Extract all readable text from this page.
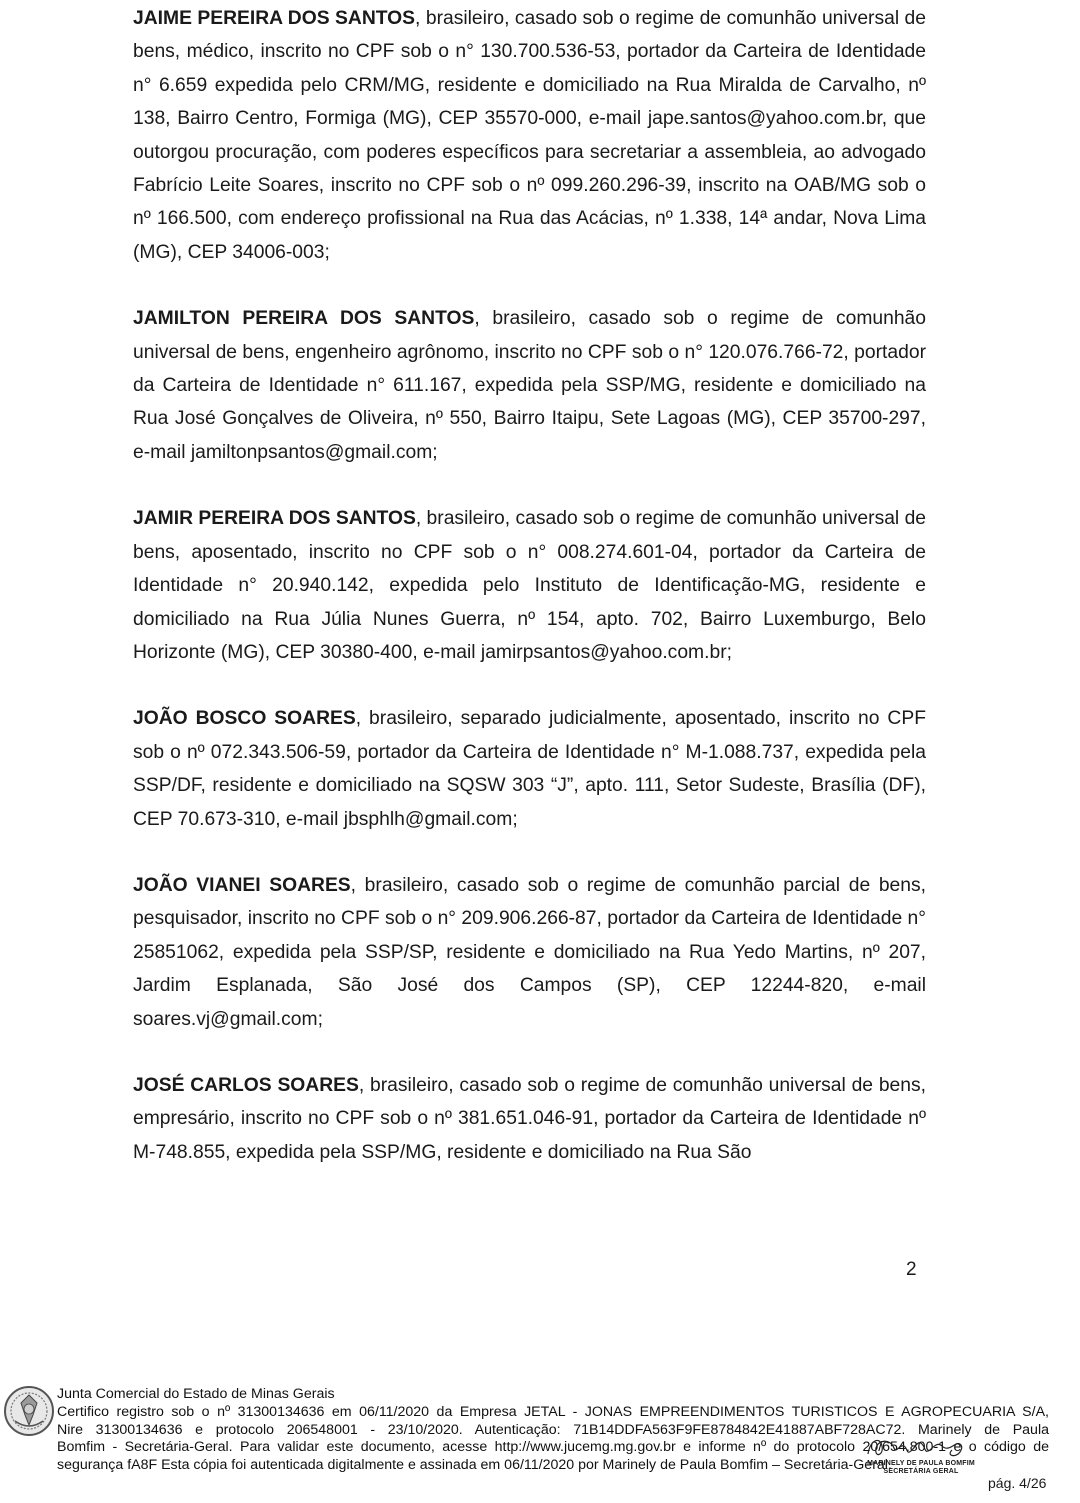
JAIME PEREIRA DOS SANTOS, brasileiro, casado sob o regime de comunhão universal de bens, médico, inscrito no CPF sob o n° 130.700.536-53, portador da Carteira de Identidade n° 6.659 expedida pelo CRM/MG, residente e domiciliado na Rua Miralda de Carvalho, nº 138, Bairro Centro, Formiga (MG), CEP 35570-000, e-mail jape.santos@yahoo.com.br, que outorgou procuração, com poderes específicos para secretariar a assembleia, ao advogado Fabrício Leite Soares, inscrito no CPF sob o nº 099.260.296-39, inscrito na OAB/MG sob o nº 166.500, com endereço profissional na Rua das Acácias, nº 1.338, 14ª andar, Nova Lima (MG), CEP 34006-003;

JAMILTON PEREIRA DOS SANTOS, brasileiro, casado sob o regime de comunhão universal de bens, engenheiro agrônomo, inscrito no CPF sob o n° 120.076.766-72, portador da Carteira de Identidade n° 611.167, expedida pela SSP/MG, residente e domiciliado na Rua José Gonçalves de Oliveira, nº 550, Bairro Itaipu, Sete Lagoas (MG), CEP 35700-297, e-mail jamiltonpsantos@gmail.com;

JAMIR PEREIRA DOS SANTOS, brasileiro, casado sob o regime de comunhão universal de bens, aposentado, inscrito no CPF sob o n° 008.274.601-04, portador da Carteira de Identidade n° 20.940.142, expedida pelo Instituto de Identificação-MG, residente e domiciliado na Rua Júlia Nunes Guerra, nº 154, apto. 702, Bairro Luxemburgo, Belo Horizonte (MG), CEP 30380-400, e-mail jamirpsantos@yahoo.com.br;

JOÃO BOSCO SOARES, brasileiro, separado judicialmente, aposentado, inscrito no CPF sob o nº 072.343.506-59, portador da Carteira de Identidade n° M-1.088.737, expedida pela SSP/DF, residente e domiciliado na SQSW 303 “J”, apto. 111, Setor Sudeste, Brasília (DF), CEP 70.673-310, e-mail jbsphlh@gmail.com;

JOÃO VIANEI SOARES, brasileiro, casado sob o regime de comunhão parcial de bens, pesquisador, inscrito no CPF sob o n° 209.906.266-87, portador da Carteira de Identidade n° 25851062, expedida pela SSP/SP, residente e domiciliado na Rua Yedo Martins, nº 207, Jardim Esplanada, São José dos Campos (SP), CEP 12244-820, e-mail soares.vj@gmail.com;

JOSÉ CARLOS SOARES, brasileiro, casado sob o regime de comunhão universal de bens, empresário, inscrito no CPF sob o nº 381.651.046-91, portador da Carteira de Identidade nº M-748.855, expedida pela SSP/MG, residente e domiciliado na Rua São

2

Junta Comercial do Estado de Minas Gerais

Certifico registro sob o nº 31300134636 em 06/11/2020 da Empresa JETAL - JONAS EMPREENDIMENTOS TURISTICOS E AGROPECUARIA S/A,

Nire 31300134636 e protocolo 206548001 - 23/10/2020. Autenticação: 71B14DDFA563F9FE8784842E41887ABF728AC72. Marinely de Paula

Bomfim - Secretária-Geral. Para validar este documento, acesse http://www.jucemg.mg.gov.br e informe nº do protocolo 20/654.800-1 e o código de

segurança fA8F Esta cópia foi autenticada digitalmente e assinada em 06/11/2020 por Marinely de Paula Bomfim – Secretária-Geral.

MARINELY DE PAULA BOMFIM
SECRETÁRIA GERAL
pág. 4/26
